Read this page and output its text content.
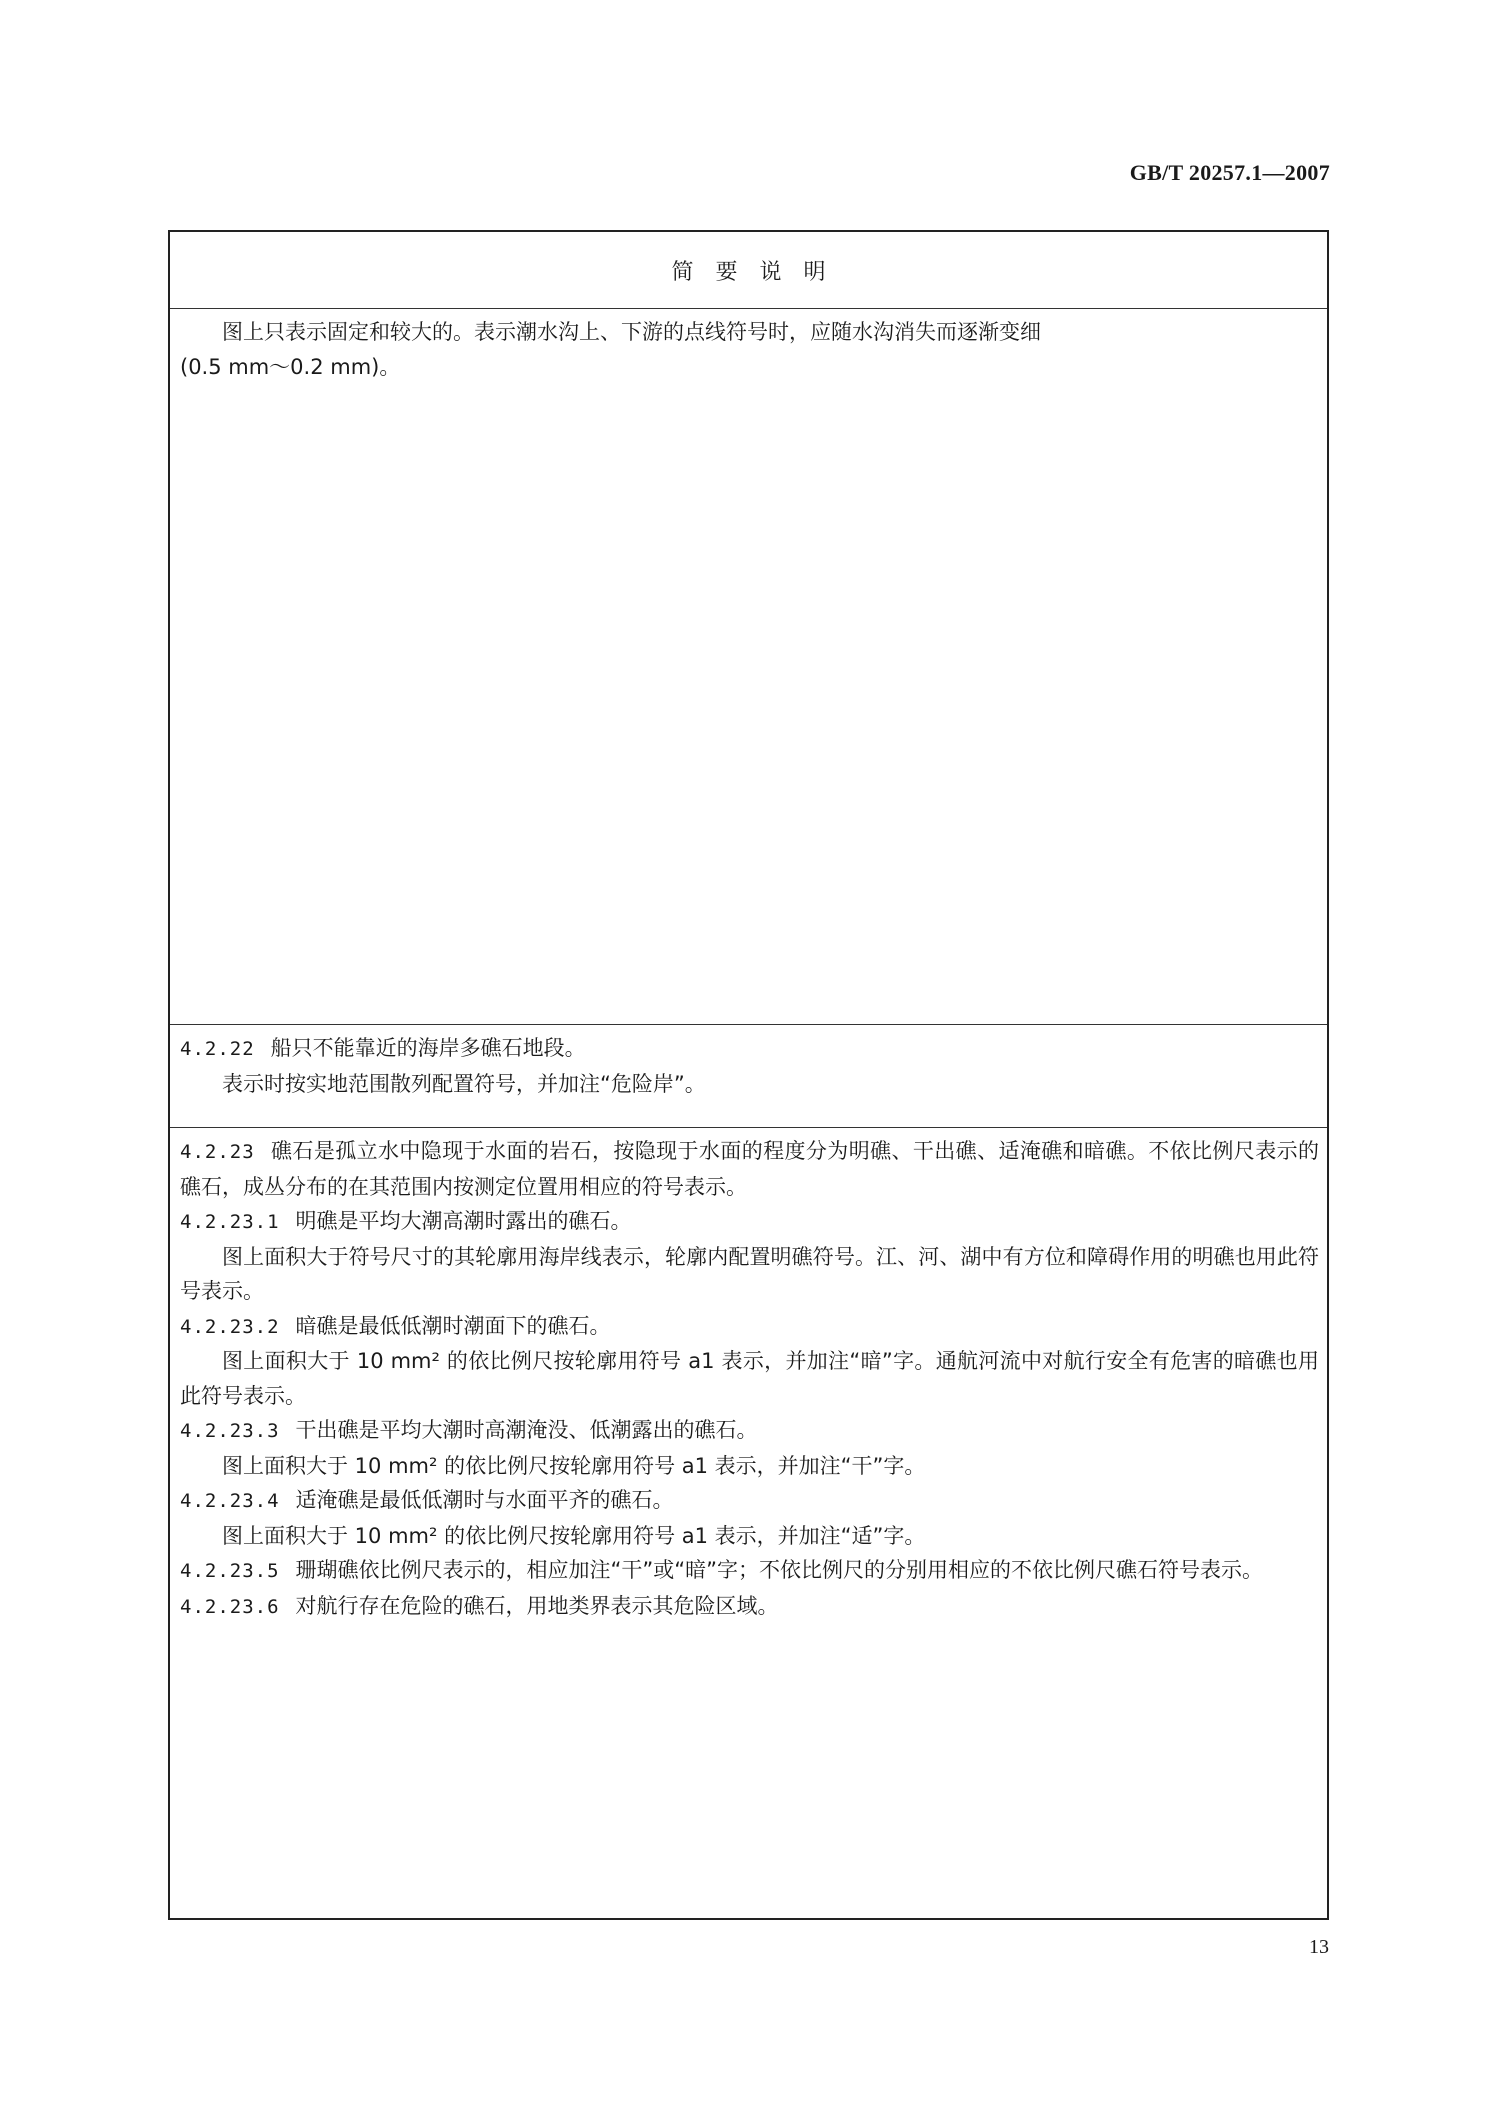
GB/T 20257.1—2007
简要说明

图上只表示固定和较大的。表示潮水沟上、下游的点线符号时，应随水沟消失而逐渐变细

(0.5 mm～0.2 mm)。

4.2.22 船只不能靠近的海岸多礁石地段。

表示时按实地范围散列配置符号，并加注“危险岸”。

4.2.23 礁石是孤立水中隐现于水面的岩石，按隐现于水面的程度分为明礁、干出礁、适淹礁和暗礁。不依比例尺表示的礁石，成丛分布的在其范围内按测定位置用相应的符号表示。

4.2.23.1 明礁是平均大潮高潮时露出的礁石。

图上面积大于符号尺寸的其轮廓用海岸线表示，轮廓内配置明礁符号。江、河、湖中有方位和障碍作用的明礁也用此符号表示。

4.2.23.2 暗礁是最低低潮时潮面下的礁石。

图上面积大于 10 mm² 的依比例尺按轮廓用符号 a1 表示，并加注“暗”字。通航河流中对航行安全有危害的暗礁也用此符号表示。

4.2.23.3 干出礁是平均大潮时高潮淹没、低潮露出的礁石。

图上面积大于 10 mm² 的依比例尺按轮廓用符号 a1 表示，并加注“干”字。

4.2.23.4 适淹礁是最低低潮时与水面平齐的礁石。

图上面积大于 10 mm² 的依比例尺按轮廓用符号 a1 表示，并加注“适”字。

4.2.23.5 珊瑚礁依比例尺表示的，相应加注“干”或“暗”字；不依比例尺的分别用相应的不依比例尺礁石符号表示。

4.2.23.6 对航行存在危险的礁石，用地类界表示其危险区域。

13
